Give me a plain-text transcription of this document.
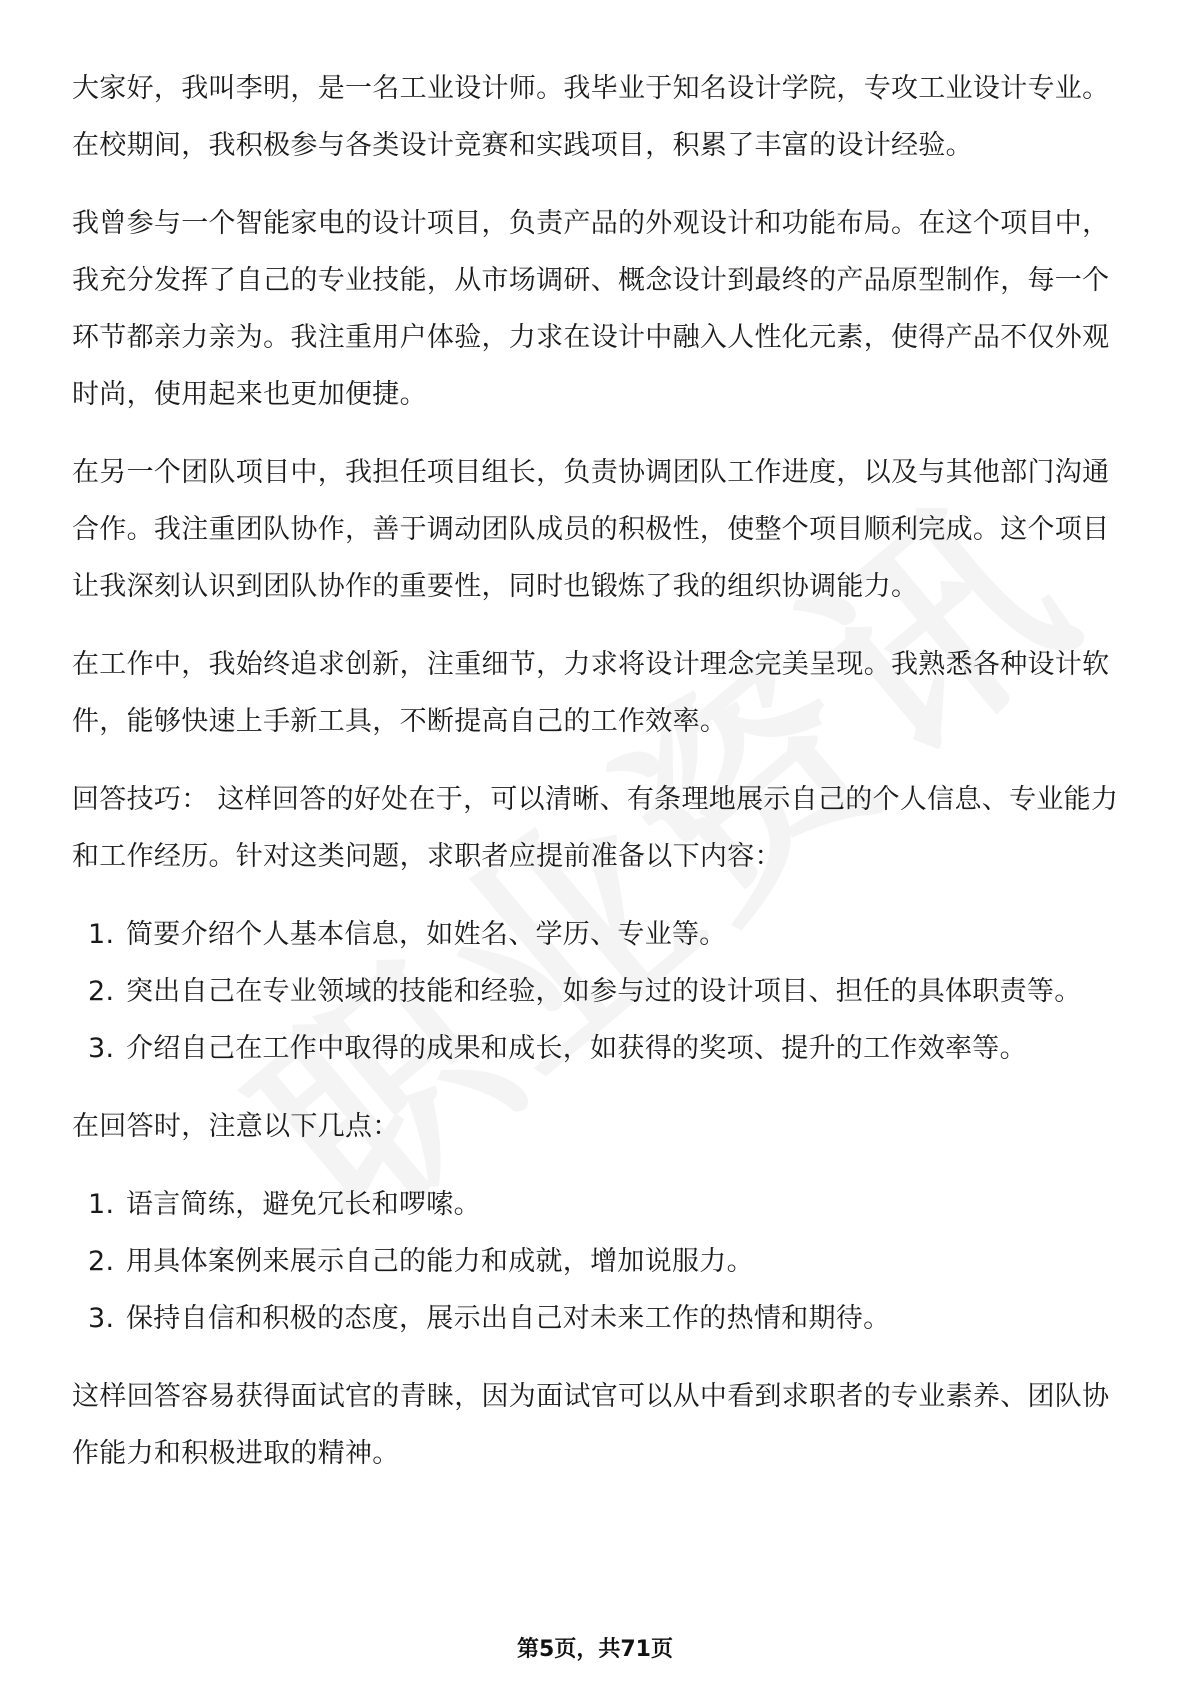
大家好，我叫李明，是一名工业设计师。我毕业于知名设计学院，专攻工业设计专业。在校期间，我积极参与各类设计竞赛和实践项目，积累了丰富的设计经验。

我曾参与一个智能家电的设计项目，负责产品的外观设计和功能布局。在这个项目中，我充分发挥了自己的专业技能，从市场调研、概念设计到最终的产品原型制作，每一个环节都亲力亲为。我注重用户体验，力求在设计中融入人性化元素，使得产品不仅外观时尚，使用起来也更加便捷。

在另一个团队项目中，我担任项目组长，负责协调团队工作进度，以及与其他部门沟通合作。我注重团队协作，善于调动团队成员的积极性，使整个项目顺利完成。这个项目让我深刻认识到团队协作的重要性，同时也锻炼了我的组织协调能力。

在工作中，我始终追求创新，注重细节，力求将设计理念完美呈现。我熟悉各种设计软件，能够快速上手新工具，不断提高自己的工作效率。

回答技巧： 这样回答的好处在于，可以清晰、有条理地展示自己的个人信息、专业能力和工作经历。针对这类问题，求职者应提前准备以下内容：

1. 简要介绍个人基本信息，如姓名、学历、专业等。
2. 突出自己在专业领域的技能和经验，如参与过的设计项目、担任的具体职责等。
3. 介绍自己在工作中取得的成果和成长，如获得的奖项、提升的工作效率等。

在回答时，注意以下几点：

1. 语言简练，避免冗长和啰嗦。
2. 用具体案例来展示自己的能力和成就，增加说服力。
3. 保持自信和积极的态度，展示出自己对未来工作的热情和期待。

这样回答容易获得面试官的青睐，因为面试官可以从中看到求职者的专业素养、团队协作能力和积极进取的精神。

第5页，共71页
